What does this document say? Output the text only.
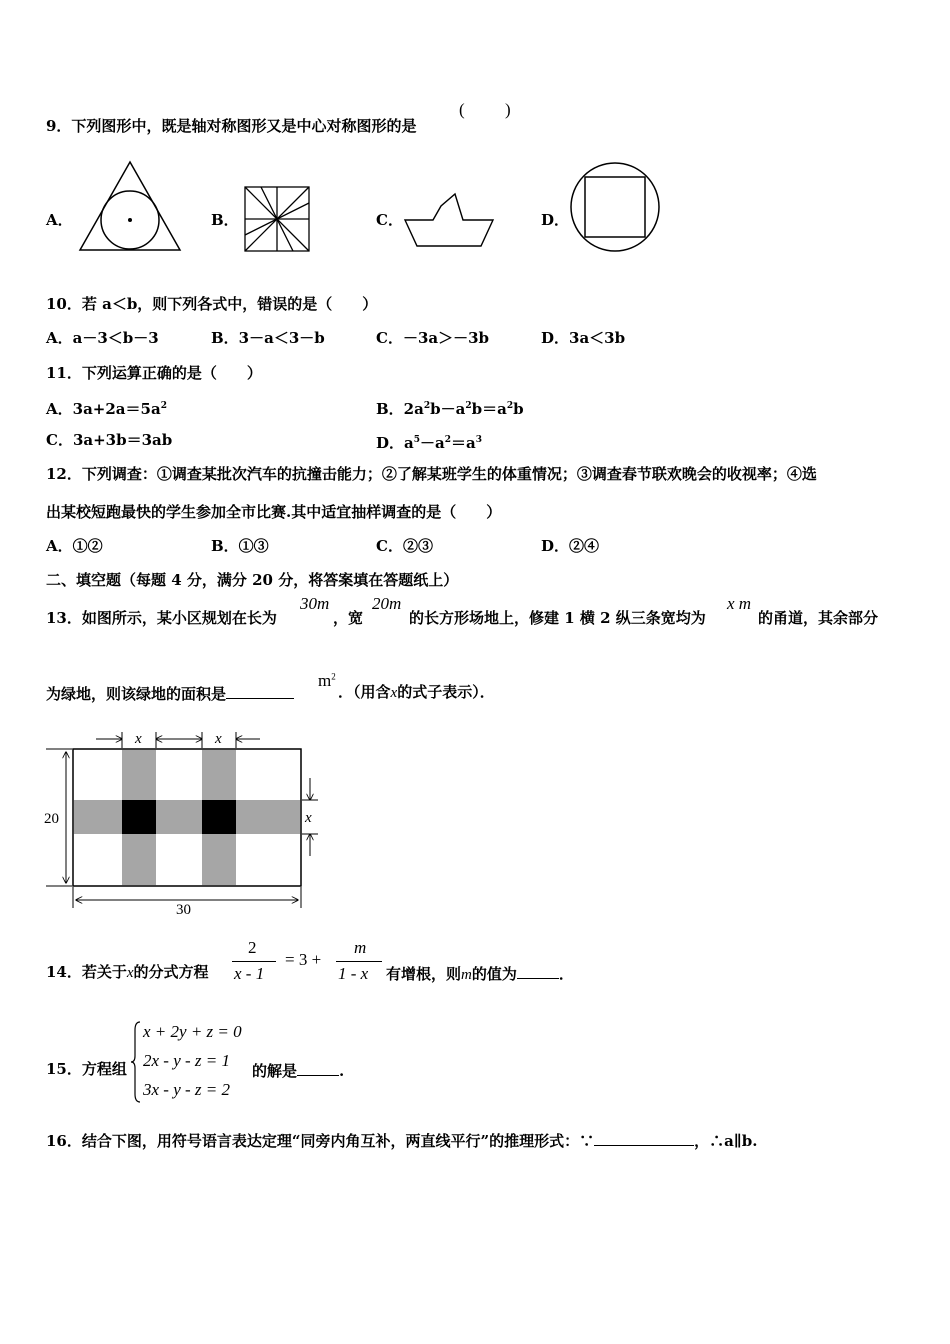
9．下列图形中，既是轴对称图形又是中心对称图形的是
( )
A．	B．	C．	D．
10．若 a＜b，则下列各式中，错误的是（　　）
A．a－3＜b－3	B．3－a＜3－b	C．－3a＞－3b	D．3a＜3b
11．下列运算正确的是（　　）
A．$3a+2a=5a^2$	B．$2a^2b-a^2b=a^2b$
C．3a+3b＝3ab	D．$a^5-a^2=a^3$
12．下列调查：①调查某批次汽车的抗撞击能力；②了解某班学生的体重情况；③调查春节联欢晚会的收视率；④选
出某校短跑最快的学生参加全市比赛.其中适宜抽样调查的是（　　）
A．①②	B．①③	C．②③	D．②④
二、填空题（每题 4 分，满分 20 分，将答案填在答题纸上）
13．如图所示，某小区规划在长为
30m
，宽
20m
的长方形场地上，修建 1 横 2 纵三条宽均为
x m
的甬道，其余部分
为绿地，则该绿地的面积是
$m^2$
．（用含x的式子表示）．
x	x
20	x
30
14．若关于x的分式方程
2
x - 1
= 3 +
m
1 - x 有增根，则m的值为	．
15．方程组
x + 2y + z = 0
2x - y - z = 1
3x - y - z = 2
的解是	.
16．结合下图，用符号语言表达定理“同旁内角互补，两直线平行”的推理形式：∵	，∴a∥b.
